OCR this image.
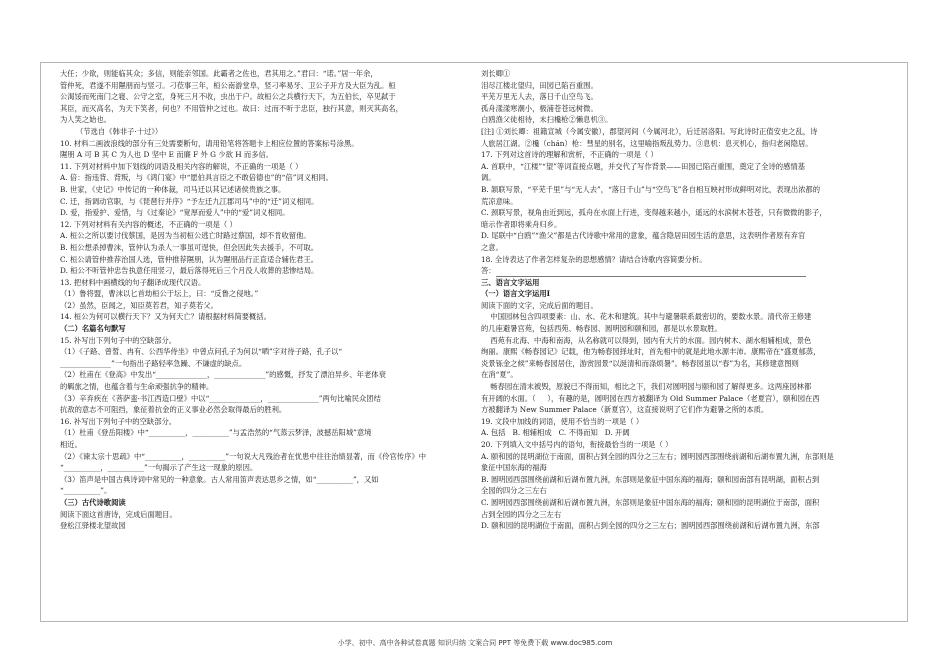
大任；少欲，则能临其众；多信，则能亲邻国。此霸者之佐也，君其用之。”君曰：“诺。”居一年余，

管仲死，君遂不用隰朋而与竖刁。刁莅事三年，桓公南游堂阜，竖刁率易牙、卫公子开方及大臣为乱。桓

公渴馁而死南门之寝、公守之室，身死三月不收，虫出于户。故桓公之兵横行天下，为五伯长，卒见弑于

其臣，而灭高名，为天下笑者，何也？不用管仲之过也。故曰：过而不听于忠臣，独行其意，则灭其高名，

为人笑之始也。

（节选自《韩非子·十过》）

10. 材料二画波浪线的部分有三处需要断句，请用铅笔将答题卡上相应位置的答案标号涂黑。

隰朋 A 可 B 其 C 为人也 D 坚中 E 而廉 F 外 G 少欲 H 而多信。

11. 下列对材料中加下划线的词语及相关内容的解说，不正确的一项是（ ）

A. 倍：指违背、背叛，与《鸿门宴》中“愿伯具言臣之不敢倍德也”的“倍”词义相同。

B. 世家，《史记》中传记的一种体裁，司马迁以其记述诸侯贵族之事。

C. 迁，指调动官职，与《琵琶行并序》“予左迁九江郡司马”中的“迁”词义相同。

D. 爱，指爱护、爱惜，与《过秦论》“宽厚而爱人”中的“爱”词义相同。

12. 下列对材料有关内容的概述，不正确的一项是（ ）

A. 桓公之所以要讨伐蔡国，是因为当初桓公逃亡时路过蔡国，却不肯收留他。

B. 桓公想杀掉曹沫，管仲认为杀人一事虽可逞快，但会因此失去援手，不可取。

C. 桓公请管仲推荐治国人选，管仲推荐隰朋，认为隰朋品行正直适合辅佐君王。

D. 桓公不听管仲忠告执意任用竖刁，最后落得死后三个月没人收葬的悲惨结局。

13. 把材料中画横线的句子翻译成现代汉语。

（1）鲁将盟，曹沫以匕首劫桓公于坛上，曰：“反鲁之侵地。”

（2）虽然，臣闻之，知臣莫若君，知子莫若父。

14. 桓公为何可以横行天下？又为何天亡？请根据材料简要概括。

（二）名篇名句默写

15. 补写出下列句子中的空缺部分。

（1）《子路、曾皙、冉有、公西华侍坐》中曾点问孔子为何以“哂”字对待子路，孔子以“

______________”一句指出子路轻率急躁、不谦虚的缺点。

（2）杜甫在《登高》中发出“______________，______________”的感慨，抒发了漂泊异乡、年老体衰

的羁旅之情，也蕴含着与生命顽强抗争的精神。

（3）辛弃疾在《菩萨蛮·书江西造口壁》中以“______________，______________”两句比喻民众团结

抗敌的意志不可阻挡，象征着抗金的正义事业必然会取得最后的胜利。

16. 补写出下列句子中的空缺部分。

（1）杜甫《登岳阳楼》中“__________，__________”与孟浩然的“气蒸云梦泽，波撼岳阳城”意境

相近。

（2）《谏太宗十思疏》中“__________，__________”一句说大凡残治者在忧患中往往治绩显著，而《伶官传序》中

“__________，__________”一句揭示了产生这一现象的原因。

（3）笛声是中国古典诗词中常见的一种意象。古人常用笛声表达思乡之情，如“__________”，又如

“__________”。

（三）古代诗歌阅读

阅读下面这首唐诗，完成后面题目。

登松江驿楼北望故园

刘长卿①

泪尽江楼北望归，田园已陷百重围。

平芜万里无人去，落日千山空鸟飞。

孤舟漾漾寒潮小，极浦苍苍远树微。

白鸥渔父徒相待，未扫欃枪②懒息机③。

[注] ①刘长卿：祖籍宣城（今属安徽），郡望河间（今属河北），后迁居洛阳。写此诗时正值安史之乱，诗

人旅居江湖。②欃（chán）枪：彗星的别名，这里喻指叛乱势力。③息机：息灭机心，指归老闲隐居。

17. 下列对这首诗的理解和赏析，不正确的一项是（ ）

A. 首联中，“江楼”“望”等词直接点题，并交代了写作背景——田园已陷百重围，奠定了全诗的感情基

调。

B. 颔联写景，“平芜千里”与“无人去”，“落日千山”与“空鸟飞”各自相互映衬形成鲜明对比，表现出浓都的

荒凉意味。

C. 颈联写景，视角由近到远，孤舟在水面上行进，变得越来越小，遥远的水滨树木苍苍，只有微微的影子，

暗示作者即将乘舟归乡。

D. 尾联中“白鸥”“渔父”都是古代诗歌中常用的意象，蕴含隐居田园生活的意思，这表明作者原有弃官

之意。

18. 全诗表达了作者怎样复杂的思想感情？请结合诗歌内容简要分析。

答：

三、语言文字运用

（一）语言文字运用Ⅰ

阅读下面的文字，完成后面的题目。

中国园林包含四项要素：山、水、花木和建筑。其中与避暑联系最密切的，要数水景。清代帝王修建

的几座避暑宫苑，包括西苑、畅春园、圆明园和颐和园，都是以水景取胜。

西苑有北海、中海和南海，从名称就可以得到，园内有大片的水面。园内树木、湖水相辅相成，景色

绚丽。康熙《畅春园记》记载，他为畅春园择址时，首先相中的就是此地水源丰沛。康熙帝在“盛夏郁蒸，

炎景铄金之候”来畅春园居住，游赏园景“以涎清和而涤烦暑”。畅春园虽以“春”为名，其修建意图则

在消“夏”。

畅春园在清末被毁，原貌已不得而知，相比之下，我们对圆明园与颐和园了解得更多。这两座园林都

有开阔的水面。（     ），有趣的是，圆明园在西方被翻译为 Old Summer Palace（老夏宫），颐和园在西

方被翻译为 New Summer Palace（新夏宫），这直接说明了它们作为避暑之所的本质。

19. 文段中加线的词语，使用不恰当的一项是（ ）

A. 包括   B. 相辅相成   C. 不得而知   D. 开阔

20. 下列填入文中括号内的语句，衔接最恰当的一项是（ ）

A. 颐和园的昆明湖位于南面，面积占到全园的四分之三左右；圆明园西部围绕前湖和后湖布置九洲，东部则是

象征中国东海的福海

B. 圆明园西部围绕前湖和后湖布置九洲，东部则是象征中国东海的福海；颐和园南部有昆明湖，面积占到

全园的四分之三左右

C. 圆明园西部围绕前湖和后湖布置九洲，东部则是象征中国东海的福海；颐和园的昆明湖位于南部，面积

占到全园的四分之三左右

D. 颐和园的昆明湖位于南面，面积占到全园的四分之三左右；圆明园西部围绕前湖和后湖布置九洲，东部

小学、初中、高中各种试卷真题 知识归纳 文案合同 PPT 等免费下载 www.doc985.com
